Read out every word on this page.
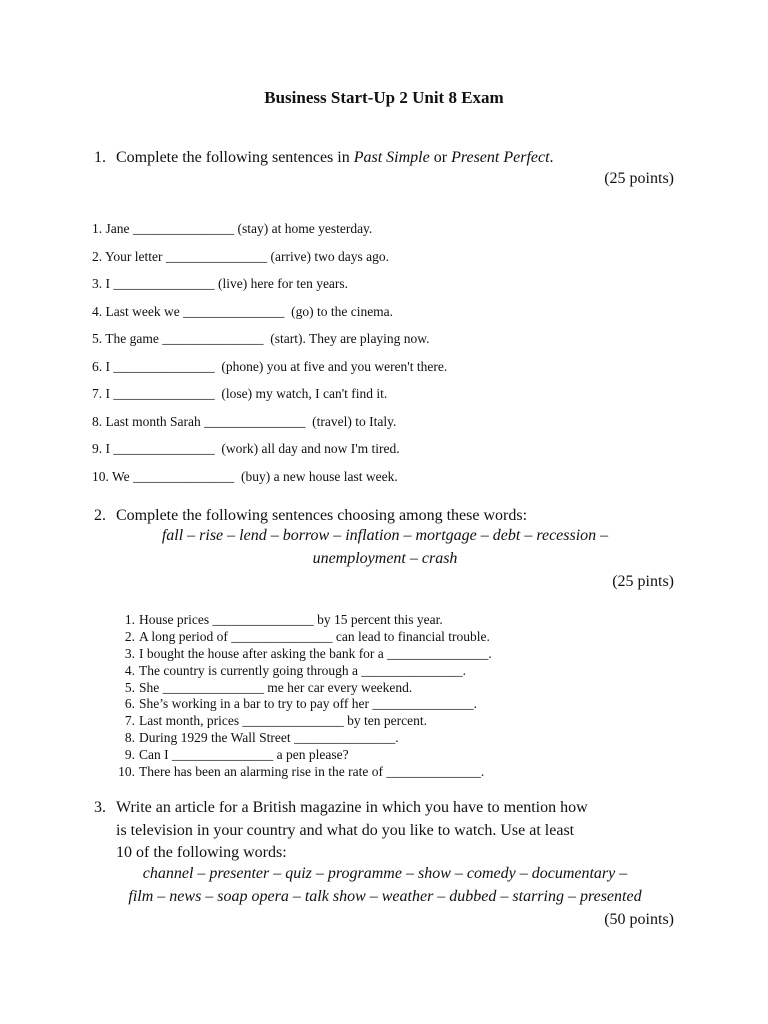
Business Start-Up 2 Unit 8 Exam
1. Complete the following sentences in Past Simple or Present Perfect.
(25 points)
1. Jane _______________ (stay) at home yesterday.
2. Your letter _______________ (arrive) two days ago.
3. I _______________ (live) here for ten years.
4. Last week we _______________  (go) to the cinema.
5. The game _______________  (start). They are playing now.
6. I _______________  (phone) you at five and you weren't there.
7. I _______________  (lose) my watch, I can't find it.
8. Last month Sarah _______________  (travel) to Italy.
9. I _______________  (work) all day and now I'm tired.
10. We _______________  (buy) a new house last week.
2. Complete the following sentences choosing among these words:
fall – rise – lend – borrow – inflation – mortgage – debt – recession –
unemployment – crash
(25 pints)
1. House prices _______________ by 15 percent this year.
2. A long period of _______________ can lead to financial trouble.
3. I bought the house after asking the bank for a _______________.
4. The country is currently going through a _______________.
5. She _______________ me her car every weekend.
6. She’s working in a bar to try to pay off her _______________.
7. Last month, prices _______________ by ten percent.
8. During 1929 the Wall Street _______________.
9. Can I _______________ a pen please?
10. There has been an alarming rise in the rate of ______________.
3. Write an article for a British magazine in which you have to mention how
is television in your country and what do you like to watch. Use at least
10 of the following words:
channel – presenter – quiz – programme – show – comedy – documentary –
film – news – soap opera – talk show – weather – dubbed – starring – presented
(50 points)
